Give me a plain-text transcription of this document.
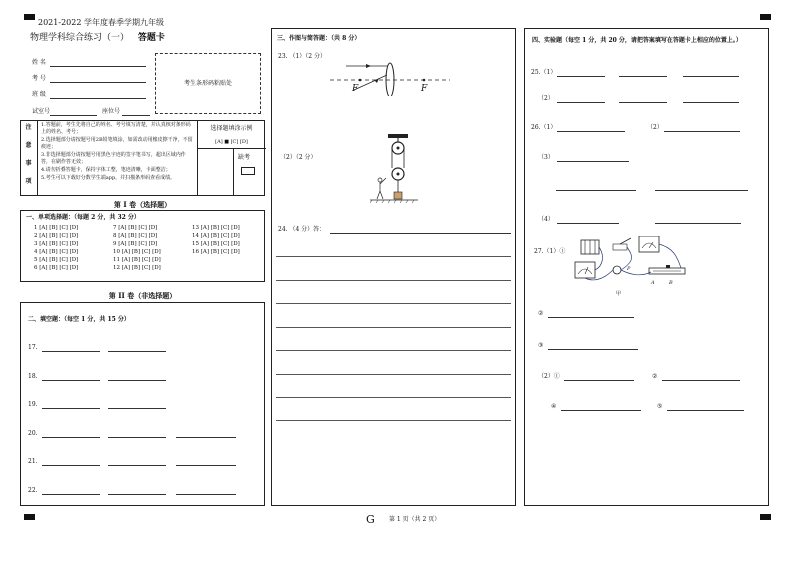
2021-2022 学年度春季学期九年级
物理学科综合练习（一） 答题卡
姓 名
考 号
班 级
试室号	座位号
考生条形码粘贴处
注
意
事
项
1.答题前，考生先将自己的姓名、考号填写清楚，并认真核对条形码上的姓名、考号；
2.选择题部分请按题号用2B铅笔填涂，如需改动用橡皮擦干净，不留痕迹；
3.非选择题部分请按题号用黑色字迹的签字笔书写，超出区域内作答，在刷作答无效；
4.请勿折叠答题卡，保持字体工整，笔迹清晰，卡面整洁；
5.考生可以下载好分数学生端app，并扫描条形码查看成绩。
选择题填涂示例
[A] ■ [C] [D]
缺考
第 I 卷（选择题）
一、单项选择题：（每题 2 分，共 32 分）
1 [A] [B] [C] [D]
2 [A] [B] [C] [D]
3 [A] [B] [C] [D]
4 [A] [B] [C] [D]
5 [A] [B] [C] [D]
6 [A] [B] [C] [D]
7 [A] [B] [C] [D]
8 [A] [B] [C] [D]
9 [A] [B] [C] [D]
10 [A] [B] [C] [D]
11 [A] [B] [C] [D]
12 [A] [B] [C] [D]
13 [A] [B] [C] [D]
14 [A] [B] [C] [D]
15 [A] [B] [C] [D]
16 [A] [B] [C] [D]
第 II 卷（非选择题）
二、填空题：（每空 1 分，共 15 分）
17.
18.
19.
20.
21.
22.
三、作图与简答题：（共 8 分）
23. （1）（2 分）
F	F
（2）（2 分）
24. （4 分）答：
四、实验题（每空 1 分，共 20 分，请把答案填写在答题卡上相应的位置上。）
25.（1）
（2）
26.（1）	（2）
（3）
（4）
27.（1）①
A	B
P
甲
②
③
（2）①	②
④	⑤
G 第 1 页（共 2 页）
